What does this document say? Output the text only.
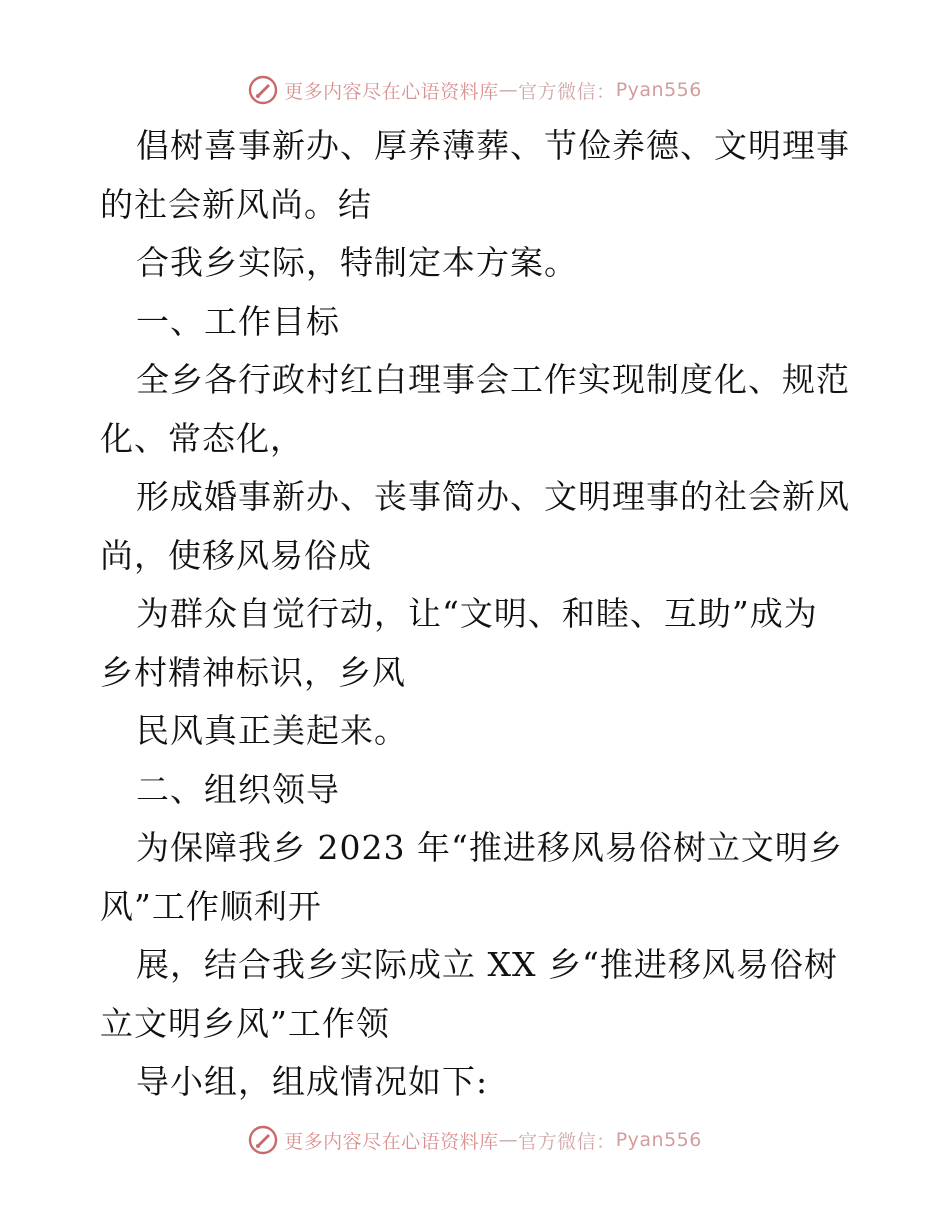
更多内容尽在心语资料库 — 官方微信： Pyan556
倡树喜事新办、厚养薄葬、节俭养德、文明理事
的社会新风尚。结
合我乡实际，特制定本方案。
一、工作目标
全乡各行政村红白理事会工作实现制度化、规范
化、常态化，
形成婚事新办、丧事简办、文明理事的社会新风
尚，使移风易俗成
为群众自觉行动，让“文明、和睦、互助”成为
乡村精神标识，乡风
民风真正美起来。
二、组织领导
为保障我乡 2023 年“推进移风易俗树立文明乡
风”工作顺利开
展，结合我乡实际成立 XX 乡“推进移风易俗树
立文明乡风”工作领
导小组，组成情况如下:
更多内容尽在心语资料库 — 官方微信： Pyan556
